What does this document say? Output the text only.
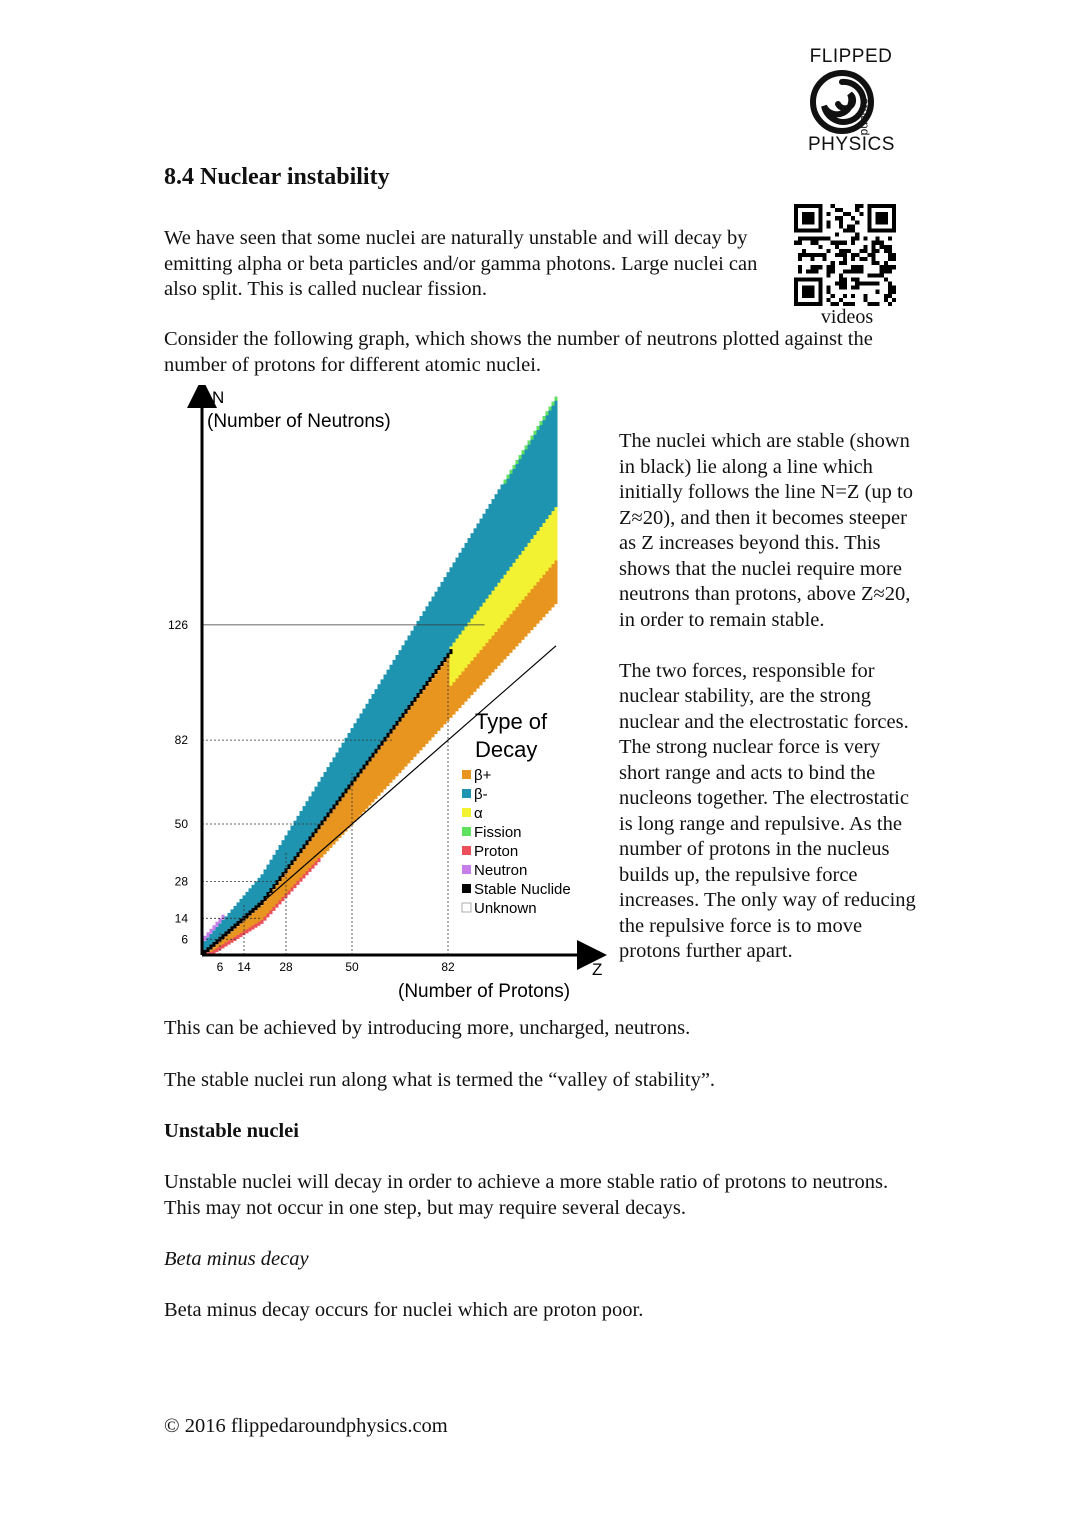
FLIPPED
around
PHYSICS
8.4 Nuclear instability
videos
We have seen that some nuclei are naturally unstable and will decay by emitting alpha or beta particles and/or gamma photons. Large nuclei can also split. This is called nuclear fission.
Consider the following graph, which shows the number of neutrons plotted against the number of protons for different atomic nuclei.
N
(Number of Neutrons)
Z
(Number of Protons)
6 14 28	50	82
6
14
28
50
82
126
Type of
Decay
β+
β-
α
Fission
Proton
Neutron
Stable Nuclide
Unknown
The nuclei which are stable (shown in black) lie along a line which initially follows the line N=Z (up to Z≈20), and then it becomes steeper as Z increases beyond this. This shows that the nuclei require more neutrons than protons, above Z≈20, in order to remain stable.
The two forces, responsible for nuclear stability, are the strong nuclear and the electrostatic forces. The strong nuclear force is very short range and acts to bind the nucleons together. The electrostatic is long range and repulsive. As the number of protons in the nucleus builds up, the repulsive force increases. The only way of reducing the repulsive force is to move protons further apart.
This can be achieved by introducing more, uncharged, neutrons.
The stable nuclei run along what is termed the “valley of stability”.
Unstable nuclei
Unstable nuclei will decay in order to achieve a more stable ratio of protons to neutrons. This may not occur in one step, but may require several decays.
Beta minus decay
Beta minus decay occurs for nuclei which are proton poor.
© 2016 flippedaroundphysics.com
